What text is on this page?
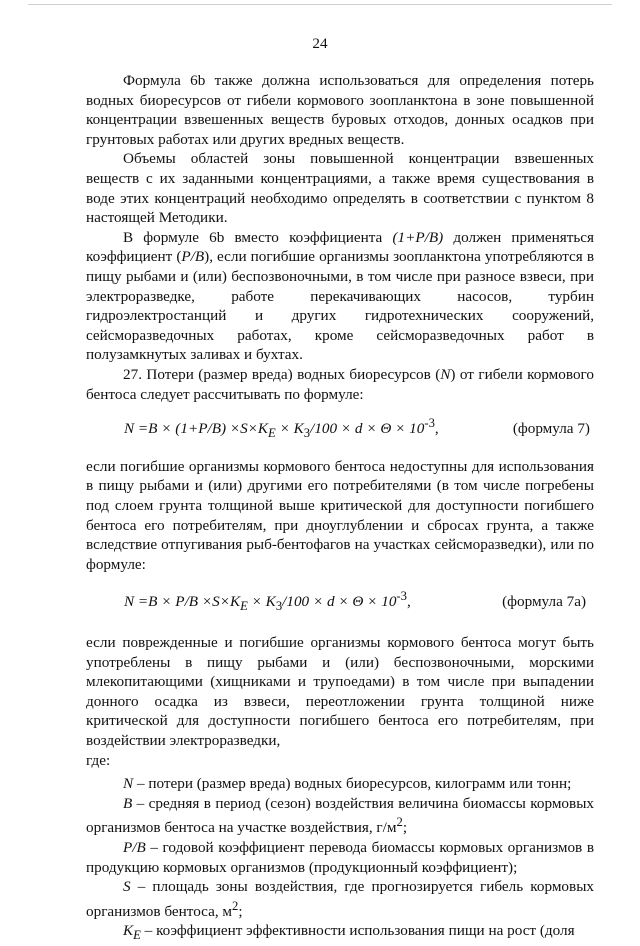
24

Формула 6b также должна использоваться для определения потерь водных биоресурсов от гибели кормового зоопланктона в зоне повышенной концентрации взвешенных веществ буровых отходов, донных осадков при грунтовых работах или других вредных веществ.

Объемы областей зоны повышенной концентрации взвешенных веществ с их заданными концентрациями, а также время существования в воде этих концентраций необходимо определять в соответствии с пунктом 8 настоящей Методики.

В формуле 6b вместо коэффициента (1+P/B) должен применяться коэффициент (P/B), если погибшие организмы зоопланктона употребляются в пищу рыбами и (или) беспозвоночными, в том числе при разносе взвеси, при электроразведке, работе перекачивающих насосов, турбин гидроэлектростанций и других гидротехнических сооружений, сейсморазведочных работах, кроме сейсморазведочных работ в полузамкнутых заливах и бухтах.

27. Потери (размер вреда) водных биоресурсов (N) от гибели кормового бентоса следует рассчитывать по формуле:

$N =B \times (1+P/B) \times S\times K_E \times K_3/100 \times d \times \Theta \times 10^{-3}$,	(формула 7)

если погибшие организмы кормового бентоса недоступны для использования в пищу рыбами и (или) другими его потребителями (в том числе погребены под слоем грунта толщиной выше критической для доступности погибшего бентоса его потребителям, при дноуглублении и сбросах грунта, а также вследствие отпугивания рыб-бентофагов на участках сейсморазведки), или по формуле:

$N =B \times P/B \times S\times K_E \times K_3/100 \times d \times \Theta \times 10^{-3}$,	(формула 7а)

если поврежденные и погибшие организмы кормового бентоса могут быть употреблены в пищу рыбами и (или) беспозвоночными, морскими млекопитающими (хищниками и трупоедами) в том числе при выпадении донного осадка из взвеси, переотложении грунта толщиной ниже критической для доступности погибшего бентоса его потребителям, при воздействии электроразведки,

где:

N – потери (размер вреда) водных биоресурсов, килограмм или тонн;

B – средняя в период (сезон) воздействия величина биомассы кормовых организмов бентоса на участке воздействия, $г/м^2$;

P/B – годовой коэффициент перевода биомассы кормовых организмов в продукцию кормовых организмов (продукционный коэффициент);

S – площадь зоны воздействия, где прогнозируется гибель кормовых организмов бентоса, $м^2$;

$K_E$ – коэффициент эффективности использования пищи на рост (доля
